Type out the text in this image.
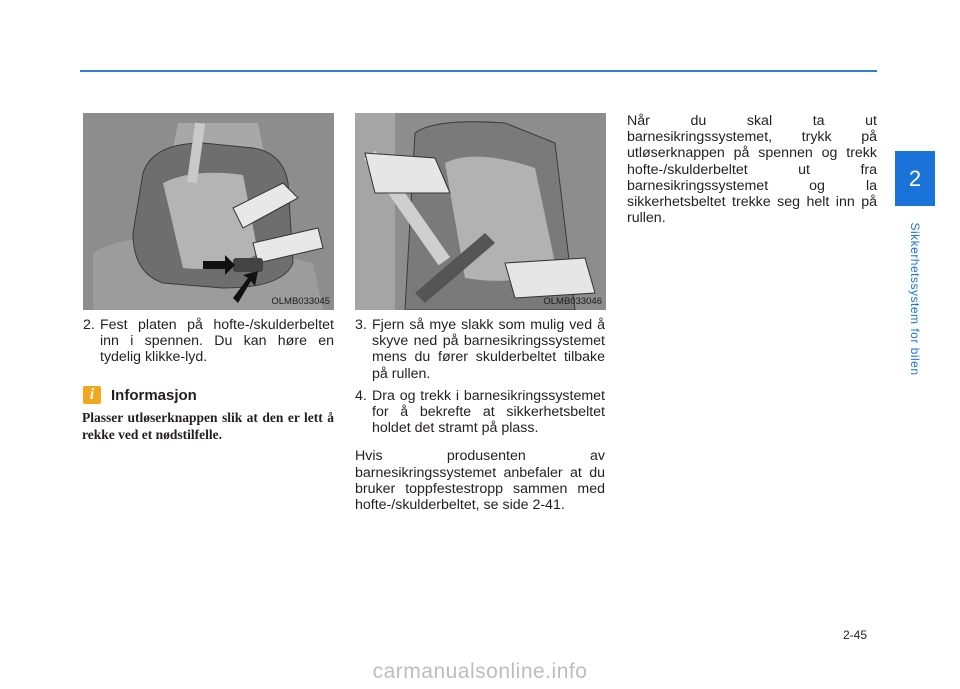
2
Sikkerhetssystem for bilen
OLMB033045	OLMB033046
2. Fest platen på hofte-/skulderbeltet inn i spennen. Du kan høre en tydelig klikke-lyd.
i	Informasjon
Plasser utløserknappen slik at den er lett å rekke ved et nødstilfelle.
3. Fjern så mye slakk som mulig ved å skyve ned på barnesikringssystemet mens du fører skulderbeltet tilbake på rullen.
4. Dra og trekk i barnesikringssystemet for å bekrefte at sikkerhetsbeltet holdet det stramt på plass.
Hvis produsenten av barnesikringssystemet anbefaler at du bruker toppfestestropp sammen med hofte-/skulderbeltet, se side 2-41.
Når du skal ta ut barnesikringssystemet, trykk på utløserknappen på spennen og trekk hofte-/skulderbeltet ut fra barnesikringssystemet og la sikkerhetsbeltet trekke seg helt inn på rullen.
2-45
carmanualsonline.info
